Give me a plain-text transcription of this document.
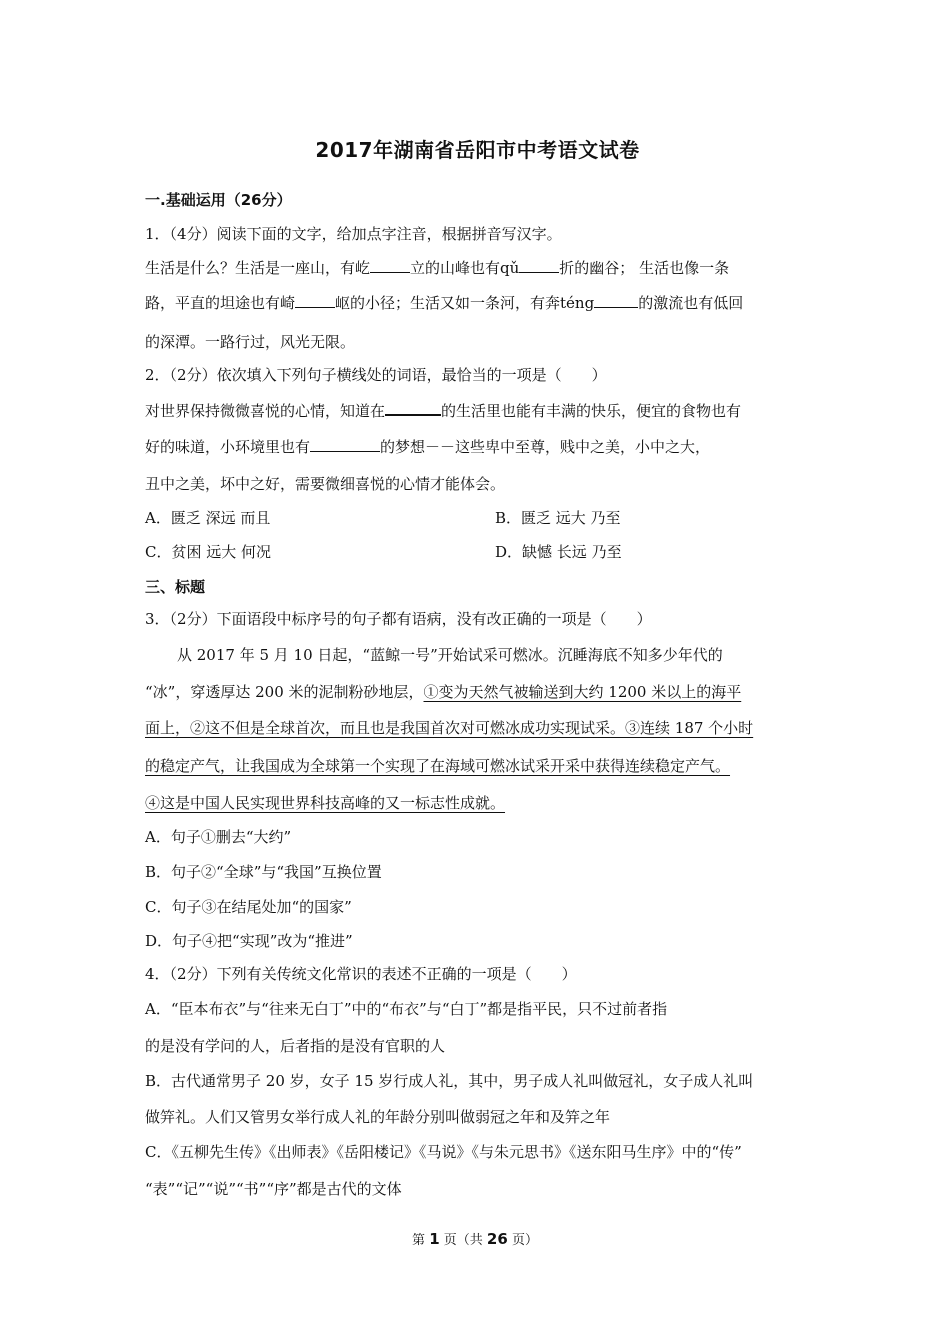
2017年湖南省岳阳市中考语文试卷
一.基础运用（26分）
1．（4分）阅读下面的文字，给加点字注音，根据拼音写汉字。
生活是什么？生活是一座山，有屹	立的山峰也有qǔ	折的幽谷； 生活也像一条
路，平直的坦途也有崎	岖的小径；生活又如一条河，有奔téng	的激流也有低回
的深潭。一路行过，风光无限。
2．（2分）依次填入下列句子横线处的词语，最恰当的一项是（　　）
对世界保持微微喜悦的心情，知道在	的生活里也能有丰满的快乐，便宜的食物也有
好的味道，小环境里也有	的梦想－－这些卑中至尊，贱中之美，小中之大，
丑中之美，坏中之好，需要微细喜悦的心情才能体会。
A．匮乏 深远 而且	B．匮乏 远大 乃至
C．贫困 远大 何况	D．缺憾 长远 乃至
三、标题
3．（2分）下面语段中标序号的句子都有语病，没有改正确的一项是（　　）
从 2017 年 5 月 10 日起，“蓝鲸一号”开始试采可燃冰。沉睡海底不知多少年代的
“冰”，穿透厚达 200 米的泥制粉砂地层，①变为天然气被输送到大约 1200 米以上的海平
面上，②这不但是全球首次，而且也是我国首次对可燃冰成功实现试采。③连续 187 个小时
的稳定产气，让我国成为全球第一个实现了在海域可燃冰试采开采中获得连续稳定产气。
④这是中国人民实现世界科技高峰的又一标志性成就。
A．句子①删去“大约”
B．句子②“全球”与“我国”互换位置
C．句子③在结尾处加“的国家”
D．句子④把“实现”改为“推进”
4．（2分）下列有关传统文化常识的表述不正确的一项是（　　）
A．“臣本布衣”与“往来无白丁”中的“布衣”与“白丁”都是指平民，只不过前者指
的是没有学问的人，后者指的是没有官职的人
B．古代通常男子 20 岁，女子 15 岁行成人礼，其中，男子成人礼叫做冠礼，女子成人礼叫
做笄礼。人们又管男女举行成人礼的年龄分别叫做弱冠之年和及笄之年
C．《五柳先生传》《出师表》《岳阳楼记》《马说》《与朱元思书》《送东阳马生序》中的“传”
“表”“记”“说”“书”“序”都是古代的文体
第 1 页（共 26 页）
